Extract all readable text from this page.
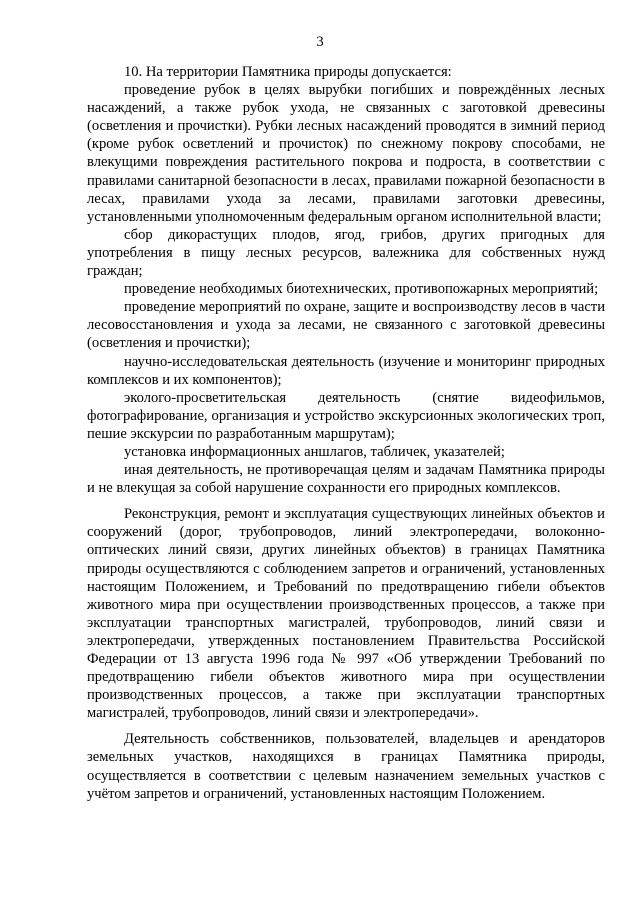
3

10. На территории Памятника природы допускается:

проведение рубок в целях вырубки погибших и повреждённых лесных насаждений, а также рубок ухода, не связанных с заготовкой древесины (осветления и прочистки). Рубки лесных насаждений проводятся в зимний период (кроме рубок осветлений и прочисток) по снежному покрову способами, не влекущими повреждения растительного покрова и подроста, в соответствии с правилами санитарной безопасности в лесах, правилами пожарной безопасности в лесах, правилами ухода за лесами, правилами заготовки древесины, установленными уполномоченным федеральным органом исполнительной власти;

сбор дикорастущих плодов, ягод, грибов, других пригодных для употребления в пищу лесных ресурсов, валежника для собственных нужд граждан;

проведение необходимых биотехнических, противопожарных мероприятий;

проведение мероприятий по охране, защите и воспроизводству лесов в части лесовосстановления и ухода за лесами, не связанного с заготовкой древесины (осветления и прочистки);

научно-исследовательская деятельность (изучение и мониторинг природных комплексов и их компонентов);

эколого-просветительская деятельность (снятие видеофильмов, фотографирование, организация и устройство экскурсионных экологических троп, пешие экскурсии по разработанным маршрутам);

установка информационных аншлагов, табличек, указателей;

иная деятельность, не противоречащая целям и задачам Памятника природы и не влекущая за собой нарушение сохранности его природных комплексов.

Реконструкция, ремонт и эксплуатация существующих линейных объектов и сооружений (дорог, трубопроводов, линий электропередачи, волоконно-оптических линий связи, других линейных объектов) в границах Памятника природы осуществляются с соблюдением запретов и ограничений, установленных настоящим Положением, и Требований по предотвращению гибели объектов животного мира при осуществлении производственных процессов, а также при эксплуатации транспортных магистралей, трубопроводов, линий связи и электропередачи, утвержденных постановлением Правительства Российской Федерации от 13 августа 1996 года № 997 «Об утверждении Требований по предотвращению гибели объектов животного мира при осуществлении производственных процессов, а также при эксплуатации транспортных магистралей, трубопроводов, линий связи и электропередачи».

Деятельность собственников, пользователей, владельцев и арендаторов земельных участков, находящихся в границах Памятника природы, осуществляется в соответствии с целевым назначением земельных участков с учётом запретов и ограничений, установленных настоящим Положением.
